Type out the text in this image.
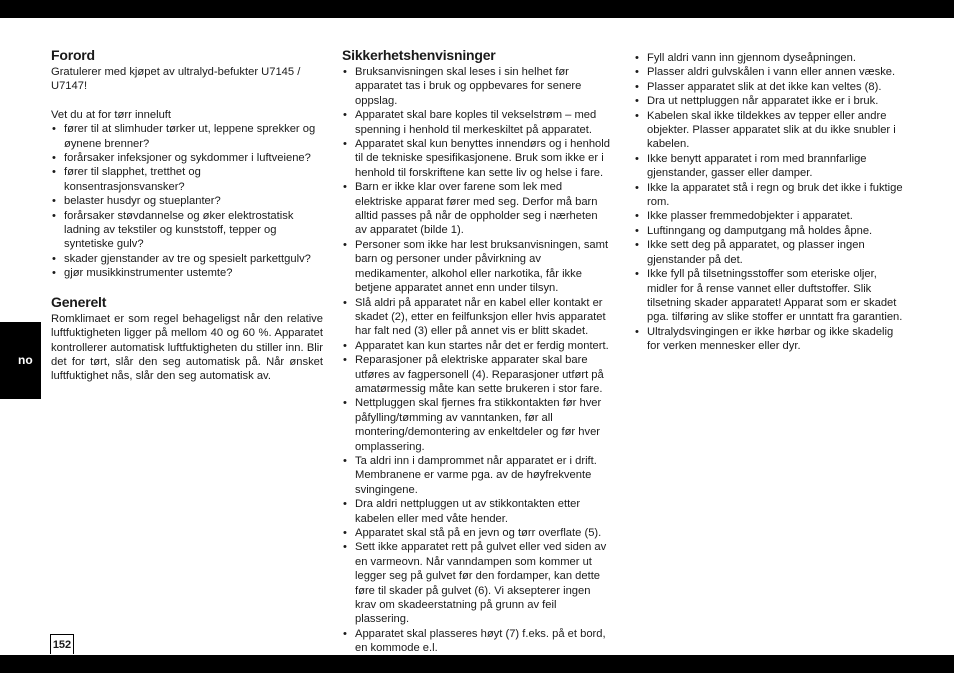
no
Forord

Gratulerer med kjøpet av ultralyd-befukter U7145 / U7147!

Vet du at for tørr inneluft

• fører til at slimhuder tørker ut, leppene sprekker og øynene brenner?
• forårsaker infeksjoner og sykdommer i luftveiene?
• fører til slapphet, tretthet og konsentrasjonsvansker?
• belaster husdyr og stueplanter?
• forårsaker støvdannelse og øker elektrostatisk ladning av tekstiler og kunststoff, tepper og syntetiske gulv?
• skader gjenstander av tre og spesielt parkettgulv?
• gjør musikkinstrumenter ustemte?
Generelt

Romklimaet er som regel behageligst når den relative luftfuktigheten ligger på mellom 40 og 60 %. Apparatet kontrollerer automatisk luftfuktigheten du stiller inn. Blir det for tørt, slår den seg automatisk på. Når ønsket luftfuktighet nås, slår den seg automatisk av.

Sikkerhetshenvisninger
• Bruksanvisningen skal leses i sin helhet før apparatet tas i bruk og oppbevares for senere oppslag.
• Apparatet skal bare koples til vekselstrøm – med spenning i henhold til merkeskiltet på apparatet.
• Apparatet skal kun benyttes innendørs og i henhold til de tekniske spesifikasjonene. Bruk som ikke er i henhold til forskriftene kan sette liv og helse i fare.
• Barn er ikke klar over farene som lek med elektriske apparat fører med seg. Derfor må barn alltid passes på når de oppholder seg i nærheten av apparatet (bilde 1).
• Personer som ikke har lest bruksanvisningen, samt barn og personer under påvirkning av medikamenter, alkohol eller narkotika, får ikke betjene apparatet annet enn under tilsyn.
• Slå aldri på apparatet når en kabel eller kontakt er skadet (2), etter en feilfunksjon eller hvis apparatet har falt ned (3) eller på annet vis er blitt skadet.
• Apparatet kan kun startes når det er ferdig montert.
• Reparasjoner på elektriske apparater skal bare utføres av fagpersonell (4). Reparasjoner utført på amatørmessig måte kan sette brukeren i stor fare.
• Nettpluggen skal fjernes fra stikkontakten før hver påfylling/tømming av vanntanken, før all montering/demontering av enkeltdeler og før hver omplassering.
• Ta aldri inn i damprommet når apparatet er i drift. Membranene er varme pga. av de høyfrekvente svingingene.
• Dra aldri nettpluggen ut av stikkontakten etter kabelen eller med våte hender.
• Apparatet skal stå på en jevn og tørr overflate (5).
• Sett ikke apparatet rett på gulvet eller ved siden av en varmeovn. Når vanndampen som kommer ut legger seg på gulvet før den fordamper, kan dette føre til skader på gulvet (6). Vi aksepterer ingen krav om skadeerstatning på grunn av feil plassering.
• Apparatet skal plasseres høyt (7) f.eks. på et bord, en kommode e.l.
• Fyll aldri vann inn gjennom dyseåpningen.
• Plasser aldri gulvskålen i vann eller annen væske.
• Plasser apparatet slik at det ikke kan veltes (8).
• Dra ut nettpluggen når apparatet ikke er i bruk.
• Kabelen skal ikke tildekkes av tepper eller andre objekter. Plasser apparatet slik at du ikke snubler i kabelen.
• Ikke benytt apparatet i rom med brannfarlige gjenstander, gasser eller damper.
• Ikke la apparatet stå i regn og bruk det ikke i fuktige rom.
• Ikke plasser fremmedobjekter i apparatet.
• Luftinngang og damputgang må holdes åpne.
• Ikke sett deg på apparatet, og plasser ingen gjenstander på det.
• Ikke fyll på tilsetningsstoffer som eteriske oljer, midler for å rense vannet eller duftstoffer. Slik tilsetning skader apparatet! Apparat som er skadet pga. tilføring av slike stoffer er unntatt fra garantien.
• Ultralydsvingingen er ikke hørbar og ikke skadelig for verken mennesker eller dyr.
152
